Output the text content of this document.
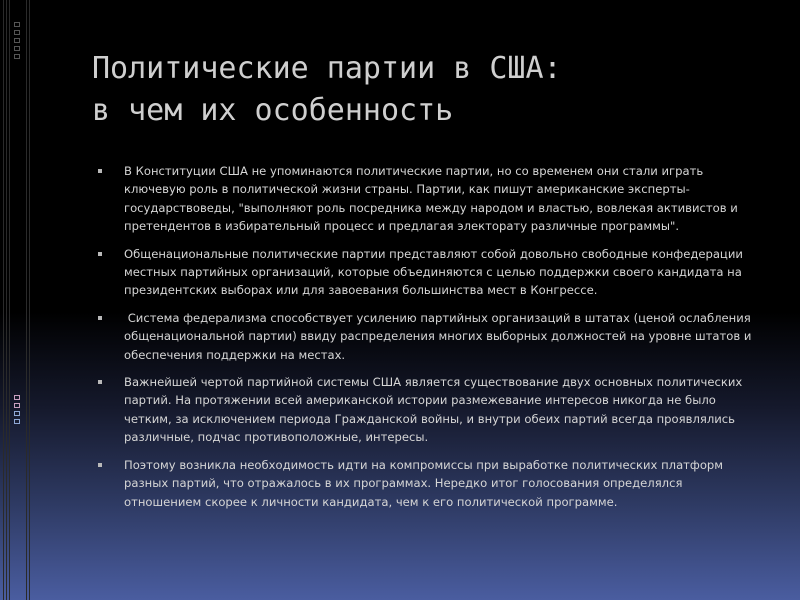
Политические партии в США:
в чем их особенность
В Конституции США не упоминаются политические партии, но со временем они стали играть ключевую роль в политической жизни страны. Партии, как пишут американские эксперты-государствоведы, "выполняют роль посредника между народом и властью, вовлекая активистов и претендентов в избирательный процесс и предлагая электорату различные программы".
Общенациональные политические партии представляют собой довольно свободные конфедерации местных партийных организаций, которые объединяются с целью поддержки своего кандидата на президентских выборах или для завоевания большинства мест в Конгрессе.
Система федерализма способствует усилению партийных организаций в штатах (ценой ослабления общенациональной партии) ввиду распределения многих выборных должностей на уровне штатов и обеспечения поддержки на местах.
Важнейшей чертой партийной системы США является существование двух основных политических партий. На протяжении всей американской истории размежевание интересов никогда не было четким, за исключением периода Гражданской войны, и внутри обеих партий всегда проявлялись различные, подчас противоположные, интересы.
Поэтому возникла необходимость идти на компромиссы при выработке политических платформ разных партий, что отражалось в их программах. Нередко итог голосования определялся отношением скорее к личности кандидата, чем к его политической программе.
